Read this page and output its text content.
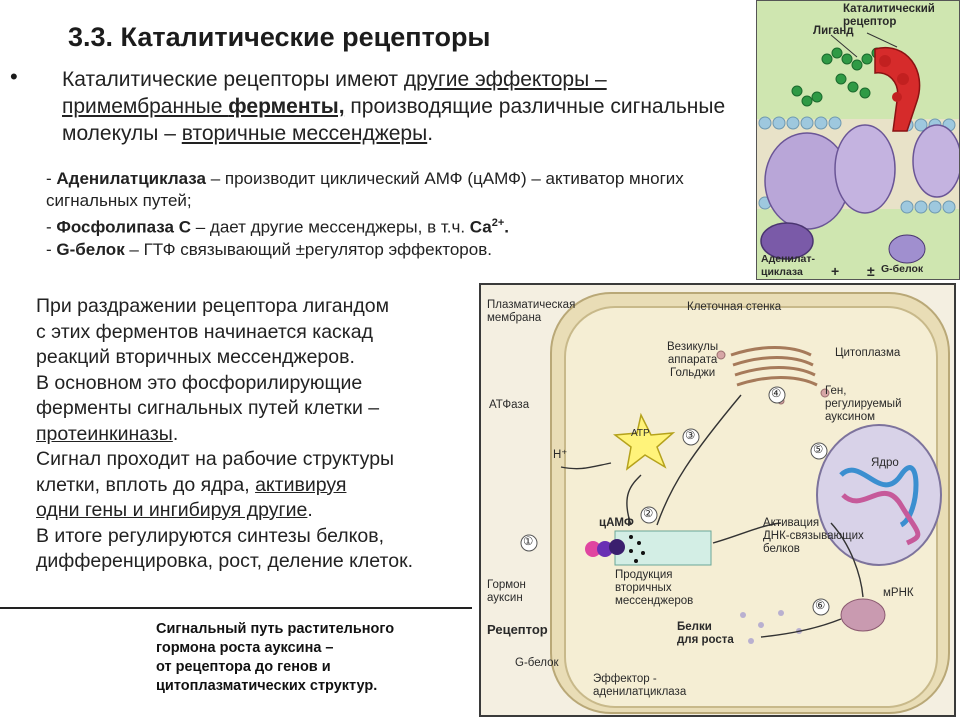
3.3. Каталитические рецепторы
• Каталитические рецепторы имеют другие эффекторы –
примембранные ферменты, производящие различные сигнальные молекулы – вторичные мессенджеры.
- Аденилатциклаза – производит циклический АМФ (цАМФ) – активатор многих сигнальных путей;
- Фосфолипаза С – дает другие мессенджеры, в т.ч. $Са^{2+}$.
- G-белок – ГТФ связывающий ±регулятор эффекторов.
При раздражении рецептора лигандом
с этих ферментов начинается каскад
реакций вторичных мессенджеров.
В основном это фосфорилирующие
ферменты сигнальных путей клетки –
протеинкиназы.
Сигнал проходит на рабочие структуры
клетки, вплоть до ядра, активируя
одни гены и ингибируя другие.
В итоге регулируются синтезы белков,
дифференцировка, рост, деление клеток.
Сигнальный путь растительного
гормона роста ауксина –
от рецептора до генов и
цитоплазматических структур.
Каталитический
рецептор
Лиганд
Аденилат-
циклаза	+ ± G-белок
Плазматическая
мембрана
Клеточная стенка
Везикулы
аппарата
Гольджи
Цитоплазма
АТФаза
ATP
H⁺
Ген,
регулируемый
ауксином
Ядро
цАМФ	Активация
ДНК-связывающих
белков
Гормон
ауксин
Продукция
вторичных
мессенджеров
мРНК
Рецептор	Белки
для роста
G-белок
Эффектор -
аденилатциклаза
①
②
③
④
⑤
⑥
